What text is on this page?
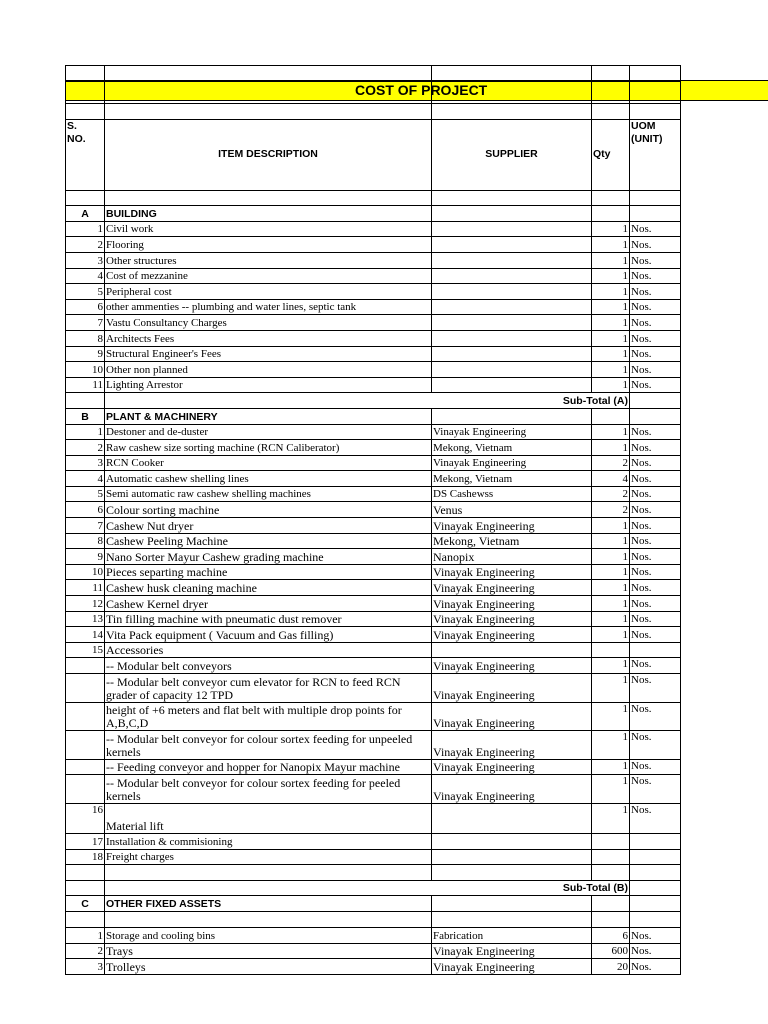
S.
NO.	ITEM DESCRIPTION	SUPPLIER	Qty	UOM
(UNIT)

A	BUILDING			
1	Civil work		1	Nos.
2	Flooring		1	Nos.
3	Other structures		1	Nos.
4	Cost of mezzanine		1	Nos.
5	Peripheral cost		1	Nos.
6	other ammenties -- plumbing and water lines, septic tank		1	Nos.
7	Vastu Consultancy Charges		1	Nos.
8	Architects Fees		1	Nos.
9	Structural Engineer's Fees		1	Nos.
10	Other non planned		1	Nos.
11	Lighting Arrestor		1	Nos.
	Sub-Total (A)			
B	PLANT & MACHINERY			
1	Destoner and de-duster	Vinayak Engineering	1	Nos.
2	Raw cashew size sorting machine (RCN Caliberator)	Mekong, Vietnam	1	Nos.
3	RCN Cooker	Vinayak Engineering	2	Nos.
4	Automatic cashew shelling lines	Mekong, Vietnam	4	Nos.
5	Semi automatic raw cashew shelling machines	DS Cashewss	2	Nos.
6	Colour sorting machine	Venus	2	Nos.
7	Cashew Nut dryer	Vinayak Engineering	1	Nos.
8	Cashew Peeling Machine	Mekong, Vietnam	1	Nos.
9	Nano Sorter Mayur Cashew grading machine	Nanopix	1	Nos.
10	Pieces separting machine	Vinayak Engineering	1	Nos.
11	Cashew husk cleaning machine	Vinayak Engineering	1	Nos.
12	Cashew Kernel dryer	Vinayak Engineering	1	Nos.
13	Tin filling machine with pneumatic dust remover	Vinayak Engineering	1	Nos.
14	Vita Pack equipment ( Vacuum and Gas filling)	Vinayak Engineering	1	Nos.
15	Accessories			
	-- Modular belt conveyors	Vinayak Engineering	1	Nos.
	-- Modular belt conveyor cum elevator for RCN to feed RCN grader of capacity 12 TPD	Vinayak Engineering	1	Nos.
	height of +6 meters and flat belt with multiple drop points for A,B,C,D	Vinayak Engineering	1	Nos.
	-- Modular belt conveyor for colour sortex feeding for unpeeled kernels	Vinayak Engineering	1	Nos.
	-- Feeding conveyor and hopper for Nanopix Mayur machine	Vinayak Engineering	1	Nos.
	-- Modular belt conveyor for colour sortex feeding for peeled kernels	Vinayak Engineering	1	Nos.
16	Material lift		1	Nos.
17	Installation & commisioning			
18	Freight charges			

	Sub-Total (B)			
C	OTHER FIXED ASSETS			

1	Storage and cooling bins	Fabrication	6	Nos.
2	Trays	Vinayak Engineering	600	Nos.
3	Trolleys	Vinayak Engineering	20	Nos.
COST OF PROJECT
